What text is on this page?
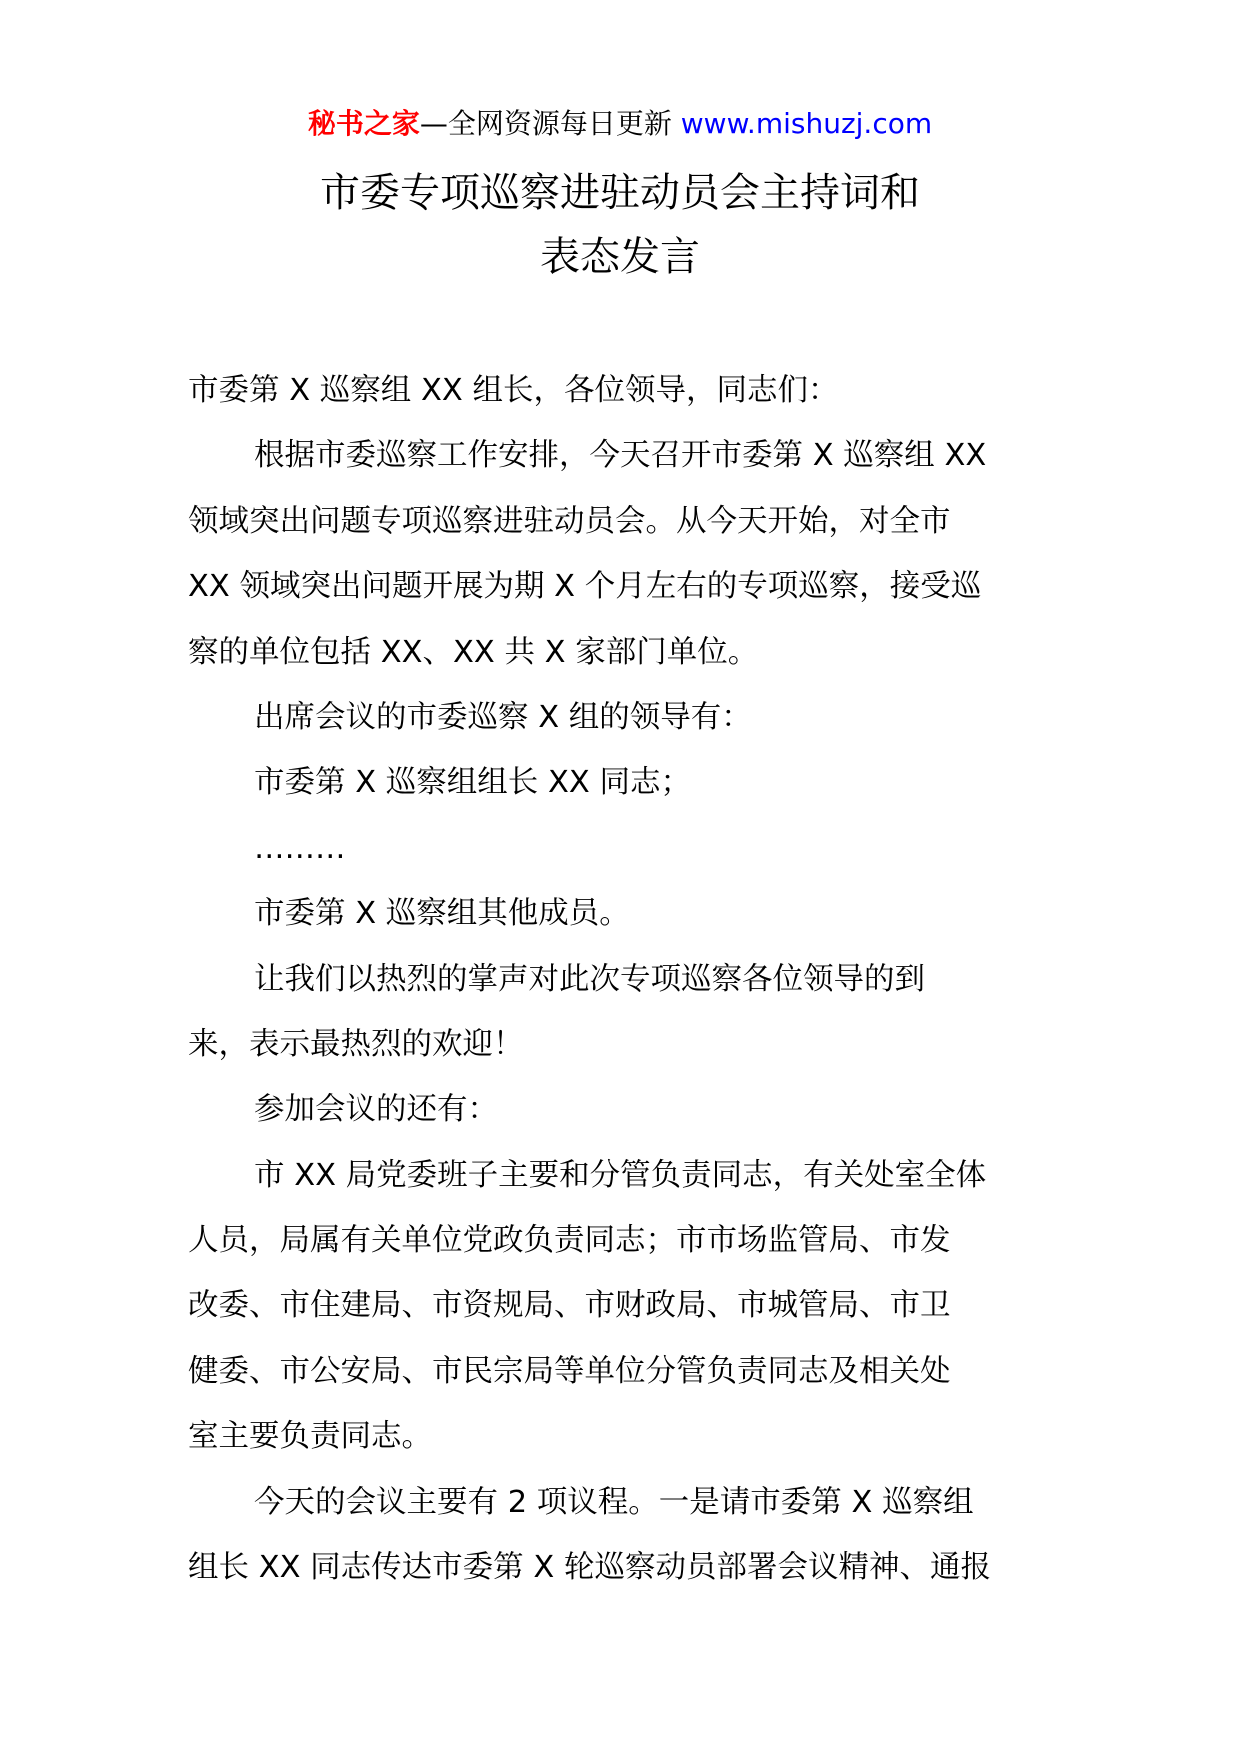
秘书之家—全网资源每日更新 www.mishuzj.com
市委专项巡察进驻动员会主持词和
表态发言
市委第 X 巡察组 XX 组长，各位领导，同志们：
根据市委巡察工作安排，今天召开市委第 X 巡察组 XX
领域突出问题专项巡察进驻动员会。从今天开始，对全市
XX 领域突出问题开展为期 X 个月左右的专项巡察，接受巡
察的单位包括 XX、XX 共 X 家部门单位。
出席会议的市委巡察 X 组的领导有：
市委第 X 巡察组组长 XX 同志；
………
市委第 X 巡察组其他成员。
让我们以热烈的掌声对此次专项巡察各位领导的到
来，表示最热烈的欢迎！
参加会议的还有：
市 XX 局党委班子主要和分管负责同志，有关处室全体
人员，局属有关单位党政负责同志；市市场监管局、市发
改委、市住建局、市资规局、市财政局、市城管局、市卫
健委、市公安局、市民宗局等单位分管负责同志及相关处
室主要负责同志。
今天的会议主要有 2 项议程。一是请市委第 X 巡察组
组长 XX 同志传达市委第 X 轮巡察动员部署会议精神、通报
